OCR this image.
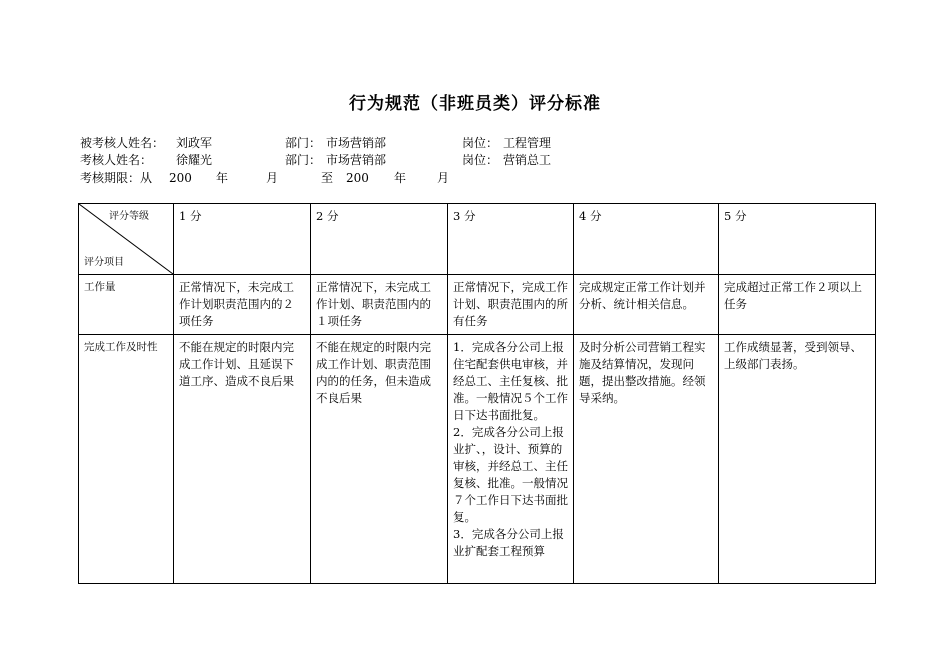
行为规范（非班员类）评分标准
被考核人姓名： 刘政军	部门： 市场营销部	岗位： 工程管理
考核人姓名： 徐耀光	部门： 市场营销部	岗位： 营销总工
考核期限：从 200 年	月	至 200 年	月
评分等级
评分项目	1 分	2 分	3 分	4 分	5 分
工作量	正常情况下，未完成工作计划职责范围内的２项任务	正常情况下，未完成工作计划、职责范围内的１项任务	正常情况下，完成工作计划、职责范围内的所有任务	完成规定正常工作计划并分析、统计相关信息。	完成超过正常工作２项以上任务
完成工作及时性	不能在规定的时限内完成工作计划、且延误下道工序、造成不良后果	不能在规定的时限内完成工作计划、职责范围内的的任务，但未造成不良后果	1．完成各分公司上报住宅配套供电审核，并经总工、主任复核、批准。一般情况５个工作日下达书面批复。
2．完成各分公司上报业扩、，设计、预算的审核，并经总工、主任复核、批准。一般情况７个工作日下达书面批复。
3．完成各分公司上报业扩配套工程预算	及时分析公司营销工程实施及结算情况，发现问题，提出整改措施。经领导采纳。	工作成绩显著，受到领导、上级部门表扬。
